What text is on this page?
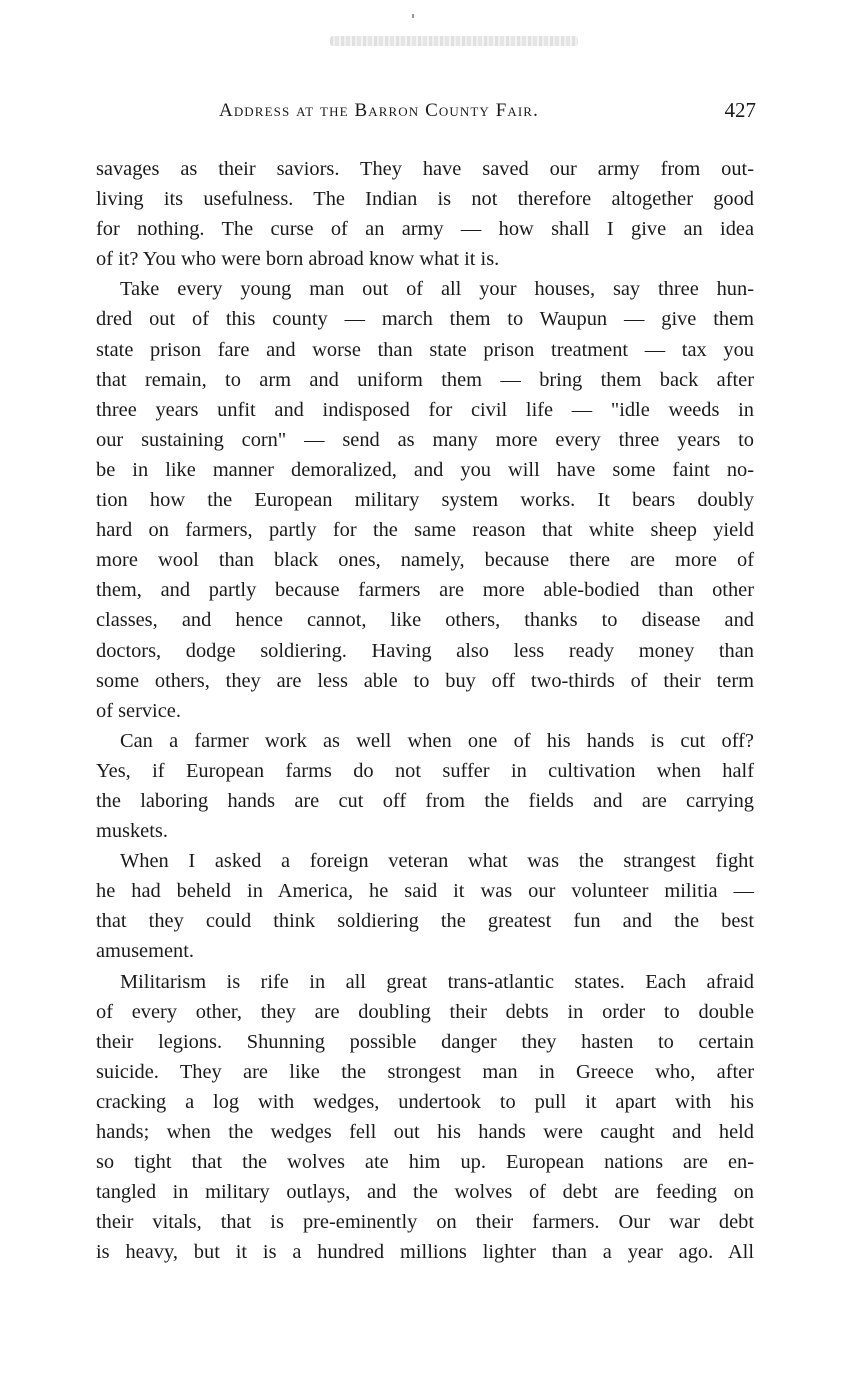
Address at the Barron County Fair.	427
savages as their saviors. They have saved our army from out-
living its usefulness. The Indian is not therefore altogether good
for nothing. The curse of an army — how shall I give an idea
of it? You who were born abroad know what it is.
Take every young man out of all your houses, say three hun-
dred out of this county — march them to Waupun — give them
state prison fare and worse than state prison treatment — tax you
that remain, to arm and uniform them — bring them back after
three years unfit and indisposed for civil life — "idle weeds in
our sustaining corn" — send as many more every three years to
be in like manner demoralized, and you will have some faint no-
tion how the European military system works. It bears doubly
hard on farmers, partly for the same reason that white sheep yield
more wool than black ones, namely, because there are more of
them, and partly because farmers are more able-bodied than other
classes, and hence cannot, like others, thanks to disease and
doctors, dodge soldiering. Having also less ready money than
some others, they are less able to buy off two-thirds of their term
of service.
Can a farmer work as well when one of his hands is cut off?
Yes, if European farms do not suffer in cultivation when half
the laboring hands are cut off from the fields and are carrying
muskets.
When I asked a foreign veteran what was the strangest fight
he had beheld in America, he said it was our volunteer militia —
that they could think soldiering the greatest fun and the best
amusement.
Militarism is rife in all great trans-atlantic states. Each afraid
of every other, they are doubling their debts in order to double
their legions. Shunning possible danger they hasten to certain
suicide. They are like the strongest man in Greece who, after
cracking a log with wedges, undertook to pull it apart with his
hands; when the wedges fell out his hands were caught and held
so tight that the wolves ate him up. European nations are en-
tangled in military outlays, and the wolves of debt are feeding on
their vitals, that is pre-eminently on their farmers. Our war debt
is heavy, but it is a hundred millions lighter than a year ago. All
